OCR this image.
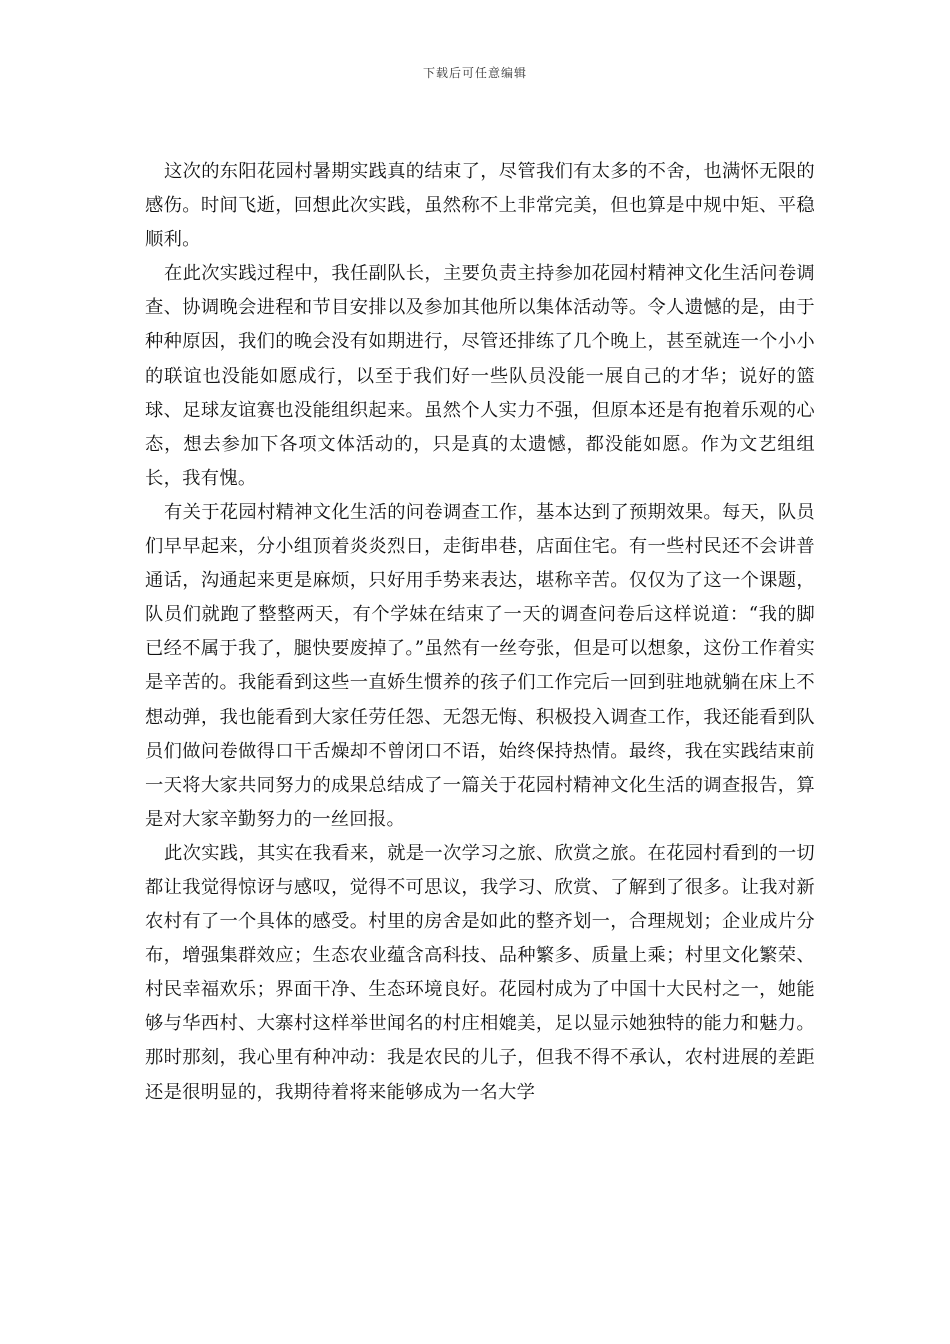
下载后可任意编辑

这次的东阳花园村暑期实践真的结束了，尽管我们有太多的不舍，也满怀无限的感伤。时间飞逝，回想此次实践，虽然称不上非常完美，但也算是中规中矩、平稳顺利。

在此次实践过程中，我任副队长，主要负责主持参加花园村精神文化生活问卷调查、协调晚会进程和节目安排以及参加其他所以集体活动等。令人遗憾的是，由于种种原因，我们的晚会没有如期进行，尽管还排练了几个晚上，甚至就连一个小小的联谊也没能如愿成行，以至于我们好一些队员没能一展自己的才华；说好的篮球、足球友谊赛也没能组织起来。虽然个人实力不强，但原本还是有抱着乐观的心态，想去参加下各项文体活动的，只是真的太遗憾，都没能如愿。作为文艺组组长，我有愧。

有关于花园村精神文化生活的问卷调查工作，基本达到了预期效果。每天，队员们早早起来，分小组顶着炎炎烈日，走街串巷，店面住宅。有一些村民还不会讲普通话，沟通起来更是麻烦，只好用手势来表达，堪称辛苦。仅仅为了这一个课题，队员们就跑了整整两天，有个学妹在结束了一天的调查问卷后这样说道：“我的脚已经不属于我了，腿快要废掉了。”虽然有一丝夸张，但是可以想象，这份工作着实是辛苦的。我能看到这些一直娇生惯养的孩子们工作完后一回到驻地就躺在床上不想动弹，我也能看到大家任劳任怨、无怨无悔、积极投入调查工作，我还能看到队员们做问卷做得口干舌燥却不曾闭口不语，始终保持热情。最终，我在实践结束前一天将大家共同努力的成果总结成了一篇关于花园村精神文化生活的调查报告，算是对大家辛勤努力的一丝回报。

此次实践，其实在我看来，就是一次学习之旅、欣赏之旅。在花园村看到的一切都让我觉得惊讶与感叹，觉得不可思议，我学习、欣赏、了解到了很多。让我对新农村有了一个具体的感受。村里的房舍是如此的整齐划一，合理规划；企业成片分布，增强集群效应；生态农业蕴含高科技、品种繁多、质量上乘；村里文化繁荣、村民幸福欢乐；界面干净、生态环境良好。花园村成为了中国十大民村之一，她能够与华西村、大寨村这样举世闻名的村庄相媲美，足以显示她独特的能力和魅力。那时那刻，我心里有种冲动：我是农民的儿子，但我不得不承认，农村进展的差距还是很明显的，我期待着将来能够成为一名大学
